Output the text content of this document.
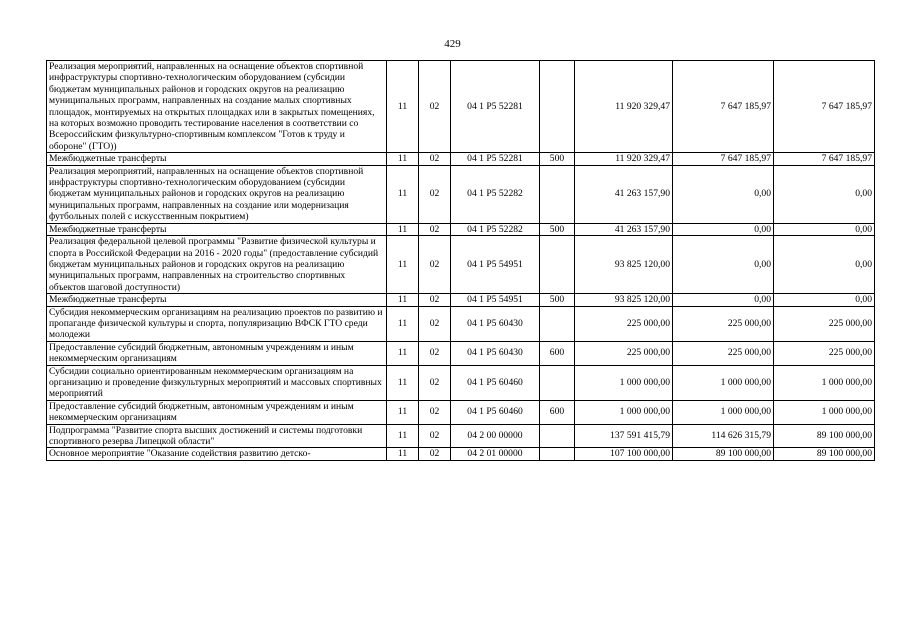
429
Реализация мероприятий, направленных на оснащение объектов спортивной инфраструктуры спортивно-технологическим оборудованием (субсидии бюджетам муниципальных районов и городских округов на реализацию муниципальных программ, направленных на создание малых спортивных площадок, монтируемых на открытых площадках или в закрытых помещениях, на которых возможно проводить тестирование населения в соответствии со Всероссийским физкультурно-спортивным комплексом "Готов к труду и обороне" (ГТО))	11	02	04 1 P5 52281		11 920 329,47	7 647 185,97	7 647 185,97
Межбюджетные трансферты	11	02	04 1 P5 52281	500	11 920 329,47	7 647 185,97	7 647 185,97
Реализация мероприятий, направленных на оснащение объектов спортивной инфраструктуры спортивно-технологическим оборудованием (субсидии бюджетам муниципальных районов и городских округов на реализацию муниципальных программ, направленных на создание или модернизация футбольных полей с искусственным покрытием)	11	02	04 1 P5 52282		41 263 157,90	0,00	0,00
Межбюджетные трансферты	11	02	04 1 P5 52282	500	41 263 157,90	0,00	0,00
Реализация федеральной целевой программы "Развитие физической культуры и спорта в Российской Федерации на 2016 - 2020 годы" (предоставление субсидий бюджетам муниципальных районов и городских округов на реализацию муниципальных программ, направленных на строительство спортивных объектов шаговой доступности)	11	02	04 1 P5 54951		93 825 120,00	0,00	0,00
Межбюджетные трансферты	11	02	04 1 P5 54951	500	93 825 120,00	0,00	0,00
Субсидия некоммерческим организациям на реализацию проектов по развитию и пропаганде физической культуры и спорта, популяризацию ВФСК ГТО среди молодежи	11	02	04 1 P5 60430		225 000,00	225 000,00	225 000,00
Предоставление субсидий бюджетным, автономным учреждениям и иным некоммерческим организациям	11	02	04 1 P5 60430	600	225 000,00	225 000,00	225 000,00
Субсидии социально ориентированным некоммерческим организациям на организацию и проведение физкультурных мероприятий и массовых спортивных мероприятий	11	02	04 1 P5 60460		1 000 000,00	1 000 000,00	1 000 000,00
Предоставление субсидий бюджетным, автономным учреждениям и иным некоммерческим организациям	11	02	04 1 P5 60460	600	1 000 000,00	1 000 000,00	1 000 000,00
Подпрограмма "Развитие спорта высших достижений и системы подготовки спортивного резерва Липецкой области"	11	02	04 2 00 00000		137 591 415,79	114 626 315,79	89 100 000,00
Основное мероприятие "Оказание содействия развитию детско-	11	02	04 2 01 00000		107 100 000,00	89 100 000,00	89 100 000,00
